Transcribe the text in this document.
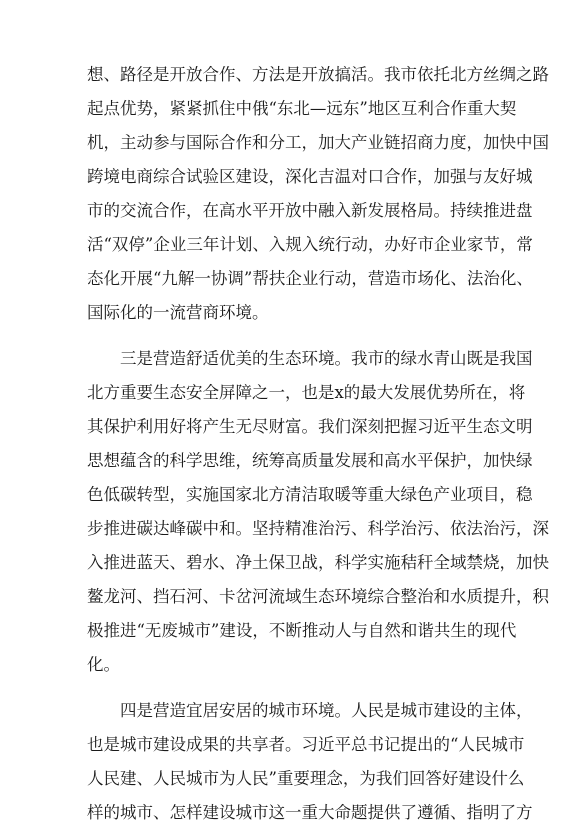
想、路径是开放合作、方法是开放搞活。我市依托北方丝绸之路
起点优势，紧紧抓住中俄“东北—远东”地区互利合作重大契
机，主动参与国际合作和分工，加大产业链招商力度，加快中国
跨境电商综合试验区建设，深化吉温对口合作，加强与友好城
市的交流合作，在高水平开放中融入新发展格局。持续推进盘
活“双停”企业三年计划、入规入统行动，办好市企业家节，常
态化开展“九解一协调”帮扶企业行动，营造市场化、法治化、
国际化的一流营商环境。
三是营造舒适优美的生态环境。我市的绿水青山既是我国
北方重要生态安全屏障之一，也是x的最大发展优势所在，将
其保护利用好将产生无尽财富。我们深刻把握习近平生态文明
思想蕴含的科学思维，统筹高质量发展和高水平保护，加快绿
色低碳转型，实施国家北方清洁取暖等重大绿色产业项目，稳
步推进碳达峰碳中和。坚持精准治污、科学治污、依法治污，深
入推进蓝天、碧水、净土保卫战，科学实施秸秆全域禁烧，加快
鳌龙河、挡石河、卡岔河流域生态环境综合整治和水质提升，积
极推进“无废城市”建设，不断推动人与自然和谐共生的现代
化。
四是营造宜居安居的城市环境。人民是城市建设的主体，
也是城市建设成果的共享者。习近平总书记提出的“人民城市
人民建、人民城市为人民”重要理念，为我们回答好建设什么
样的城市、怎样建设城市这一重大命题提供了遵循、指明了方
